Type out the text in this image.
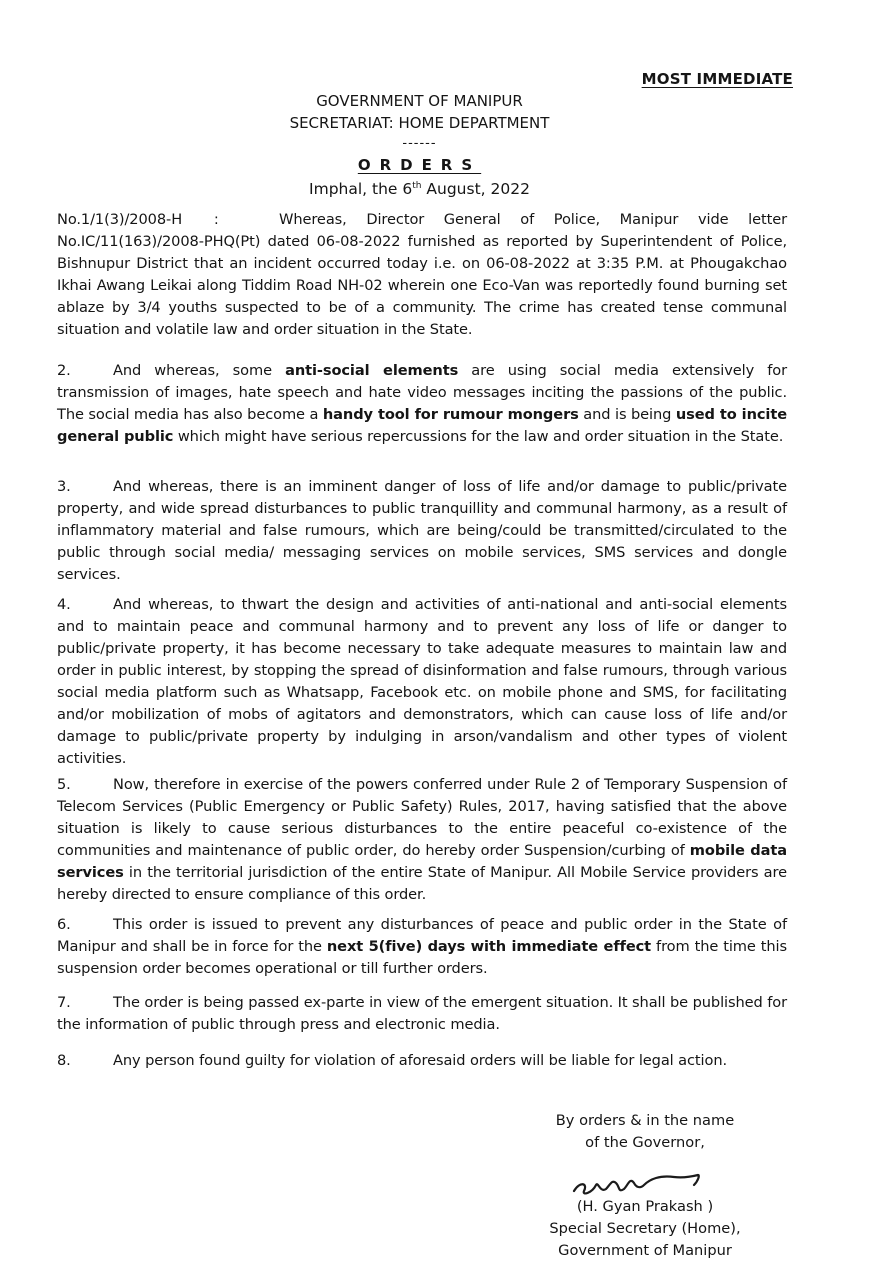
MOST IMMEDIATE
GOVERNMENT OF MANIPUR
SECRETARIAT: HOME DEPARTMENT
------
ORDERS
Imphal, the 6th August, 2022
No.1/1(3)/2008-H :	Whereas, Director General of Police, Manipur vide letter No.IC/11(163)/2008-PHQ(Pt) dated 06-08-2022 furnished as reported by Superintendent of Police, Bishnupur District that an incident occurred today i.e. on 06-08-2022 at 3:35 P.M. at Phougakchao Ikhai Awang Leikai along Tiddim Road NH-02 wherein one Eco-Van was reportedly found burning set ablaze by 3/4 youths suspected to be of a community. The crime has created tense communal situation and volatile law and order situation in the State.
2.	And whereas, some anti-social elements are using social media extensively for transmission of images, hate speech and hate video messages inciting the passions of the public. The social media has also become a handy tool for rumour mongers and is being used to incite general public which might have serious repercussions for the law and order situation in the State.
3.	And whereas, there is an imminent danger of loss of life and/or damage to public/private property, and wide spread disturbances to public tranquillity and communal harmony, as a result of inflammatory material and false rumours, which are being/could be transmitted/circulated to the public through social media/ messaging services on mobile services, SMS services and dongle services.
4.	And whereas, to thwart the design and activities of anti-national and anti-social elements and to maintain peace and communal harmony and to prevent any loss of life or danger to public/private property, it has become necessary to take adequate measures to maintain law and order in public interest, by stopping the spread of disinformation and false rumours, through various social media platform such as Whatsapp, Facebook etc. on mobile phone and SMS, for facilitating and/or mobilization of mobs of agitators and demonstrators, which can cause loss of life and/or damage to public/private property by indulging in arson/vandalism and other types of violent activities.
5.	Now, therefore in exercise of the powers conferred under Rule 2 of Temporary Suspension of Telecom Services (Public Emergency or Public Safety) Rules, 2017, having satisfied that the above situation is likely to cause serious disturbances to the entire peaceful co-existence of the communities and maintenance of public order, do hereby order Suspension/curbing of mobile data services in the territorial jurisdiction of the entire State of Manipur. All Mobile Service providers are hereby directed to ensure compliance of this order.
6.	This order is issued to prevent any disturbances of peace and public order in the State of Manipur and shall be in force for the next 5(five) days with immediate effect from the time this suspension order becomes operational or till further orders.
7.	The order is being passed ex-parte in view of the emergent situation. It shall be published for the information of public through press and electronic media.
8.	Any person found guilty for violation of aforesaid orders will be liable for legal action.
By orders & in the name
of the Governor,
(H. Gyan Prakash )
Special Secretary (Home),
Government of Manipur
